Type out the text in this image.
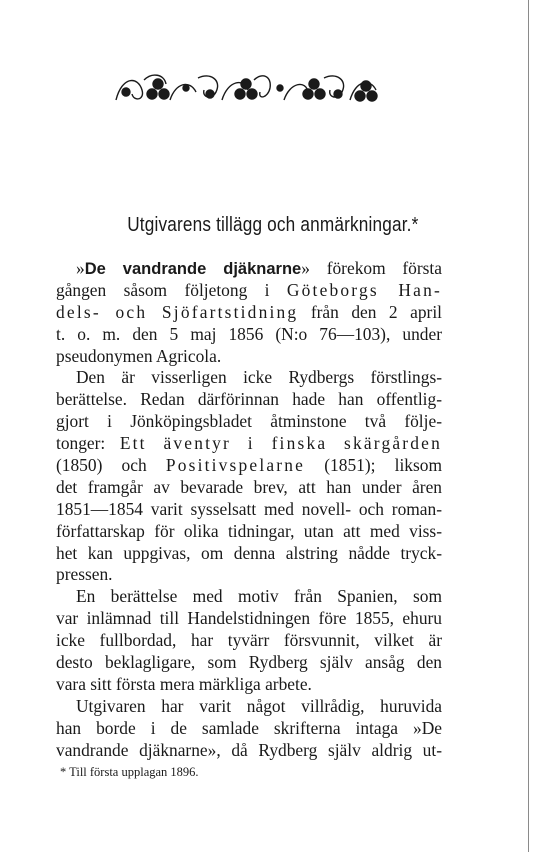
Utgivarens tillägg och anmärkningar.*
»De vandrande djäknarne» förekom första
gången såsom följetong i Göteborgs Han-
dels- och Sjöfartstidning från den 2 april
t. o. m. den 5 maj 1856 (N:o 76—103), under
pseudonymen Agricola.
Den är visserligen icke Rydbergs förstlings-
berättelse. Redan därförinnan hade han offentlig-
gjort i Jönköpingsbladet åtminstone två följe-
tonger: Ett äventyr i finska skärgården
(1850) och Positivspelarne (1851); liksom
det framgår av bevarade brev, att han under åren
1851—1854 varit sysselsatt med novell- och roman-
författarskap för olika tidningar, utan att med viss-
het kan uppgivas, om denna alstring nådde tryck-
pressen.
En berättelse med motiv från Spanien, som
var inlämnad till Handelstidningen före 1855, ehuru
icke fullbordad, har tyvärr försvunnit, vilket är
desto beklagligare, som Rydberg själv ansåg den
vara sitt första mera märkliga arbete.
Utgivaren har varit något villrådig, huruvida
han borde i de samlade skrifterna intaga »De
vandrande djäknarne», då Rydberg själv aldrig ut-
* Till första upplagan 1896.
